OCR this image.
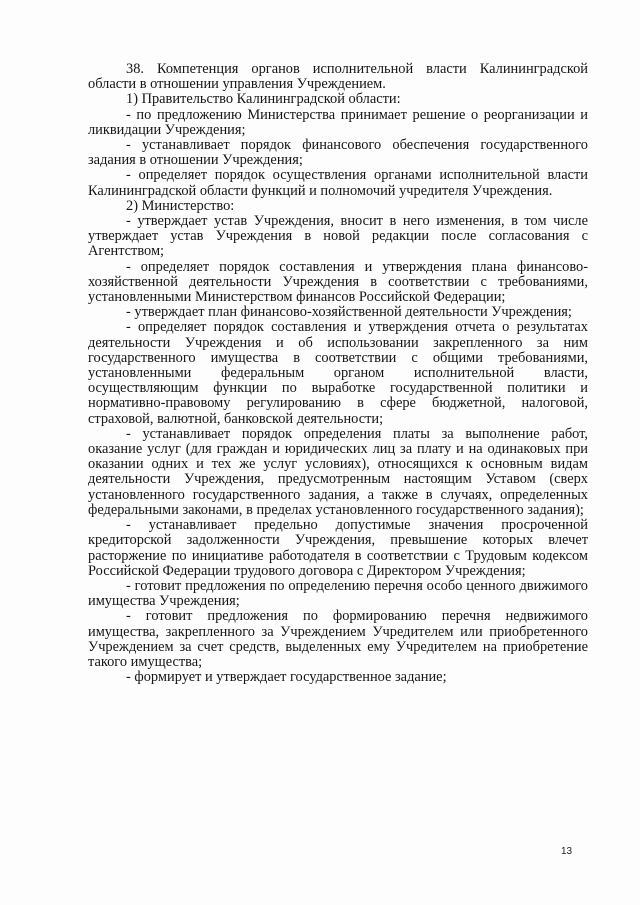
38. Компетенция органов исполнительной власти Калининградской области в отношении управления Учреждением.

1) Правительство Калининградской области:

- по предложению Министерства принимает решение о реорганизации и ликвидации Учреждения;

- устанавливает порядок финансового обеспечения государственного задания в отношении Учреждения;

- определяет порядок осуществления органами исполнительной власти Калининградской области функций и полномочий учредителя Учреждения.

2) Министерство:

- утверждает устав Учреждения, вносит в него изменения, в том числе утверждает устав Учреждения в новой редакции после согласования с Агентством;

- определяет порядок составления и утверждения плана финансово-хозяйственной деятельности Учреждения в соответствии с требованиями, установленными Министерством финансов Российской Федерации;

- утверждает план финансово-хозяйственной деятельности Учреждения;

- определяет порядок составления и утверждения отчета о результатах деятельности Учреждения и об использовании закрепленного за ним государственного имущества в соответствии с общими требованиями, установленными федеральным органом исполнительной власти, осуществляющим функции по выработке государственной политики и нормативно-правовому регулированию в сфере бюджетной, налоговой, страховой, валютной, банковской деятельности;

- устанавливает порядок определения платы за выполнение работ, оказание услуг (для граждан и юридических лиц за плату и на одинаковых при оказании одних и тех же услуг условиях), относящихся к основным видам деятельности Учреждения, предусмотренным настоящим Уставом (сверх установленного государственного задания, а также в случаях, определенных федеральными законами, в пределах установленного государственного задания);

- устанавливает предельно допустимые значения просроченной кредиторской задолженности Учреждения, превышение которых влечет расторжение по инициативе работодателя в соответствии с Трудовым кодексом Российской Федерации трудового договора с Директором Учреждения;

- готовит предложения по определению перечня особо ценного движимого имущества Учреждения;

- готовит предложения по формированию перечня недвижимого имущества, закрепленного за Учреждением Учредителем или приобретенного Учреждением за счет средств, выделенных ему Учредителем на приобретение такого имущества;

- формирует и утверждает государственное задание;

13
